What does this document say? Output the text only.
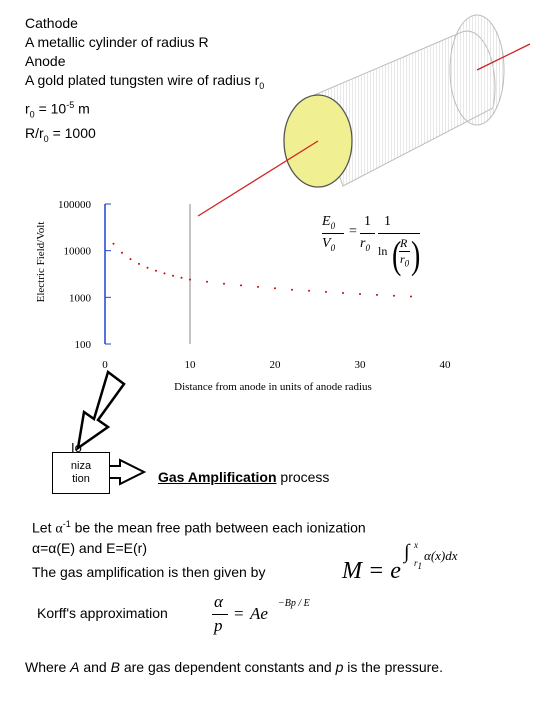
Cathode
A metallic cylinder of radius R
Anode
A gold plated tungsten wire of radius $r_0$
$r_0 = 10^{-5}$ m
$R/r_0 = 1000$
100000
10000
1000
100
0	10	20	30	40
Distance from anode in units of anode radius
Electric Field/Volt
$E_0$
$V_0$
=
1
$r_0$
1
ln (
R
$r_0$ )
Io
niza
tion	Gas Amplification process
Let $\alpha^{-1}$ be the mean free path between each ionization
α=α(E) and E=E(r)
The gas amplification is then given by	M = e
∫ x
$r_1$
α(x)dx
Korff's approximation
α
p
= Ae
−Bp / E
Where A and B are gas dependent constants and p is the pressure.
